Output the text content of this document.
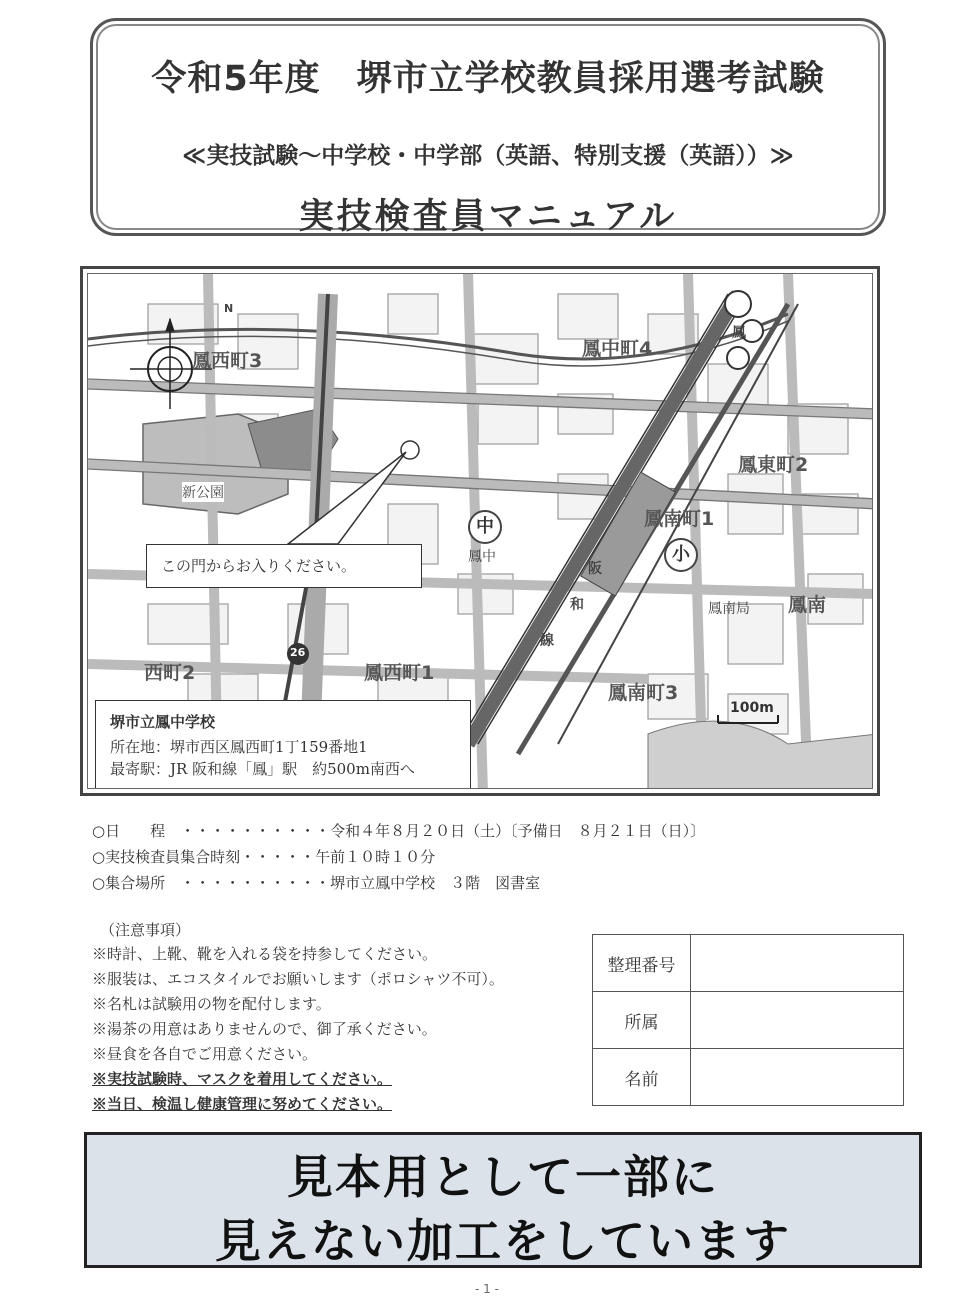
令和5年度　堺市立学校教員採用選考試験
≪実技試験～中学校・中学部（英語、特別支援（英語））≫
実技検査員マニュアル
鳳西町3
鳳中町4
鳳東町2
鳳南町1
鳳南
西町2	鳳西町1
鳳南町3
新公園
鳳中
鳳南局
鳳
阪
和
線
26
N
中
小
100m
この門からお入りください。
堺市立鳳中学校
所在地：堺市西区鳳西町1丁159番地1
最寄駅：JR 阪和線「鳳」駅　約500m南西へ
○日　　程　・・・・・・・・・・令和４年８月２０日（土）〔予備日　８月２１日（日）〕
○実技検査員集合時刻・・・・・午前１０時１０分
○集合場所　・・・・・・・・・・堺市立鳳中学校　３階　図書室
（注意事項）
※時計、上靴、靴を入れる袋を持参してください。
※服装は、エコスタイルでお願いします（ポロシャツ不可）。
※名札は試験用の物を配付します。
※湯茶の用意はありませんので、御了承ください。
※昼食を各自でご用意ください。
※実技試験時、マスクを着用してください。
※当日、検温し健康管理に努めてください。
整理番号	
所属	
名前	
見本用として一部に
見えない加工をしています
- 1 -
